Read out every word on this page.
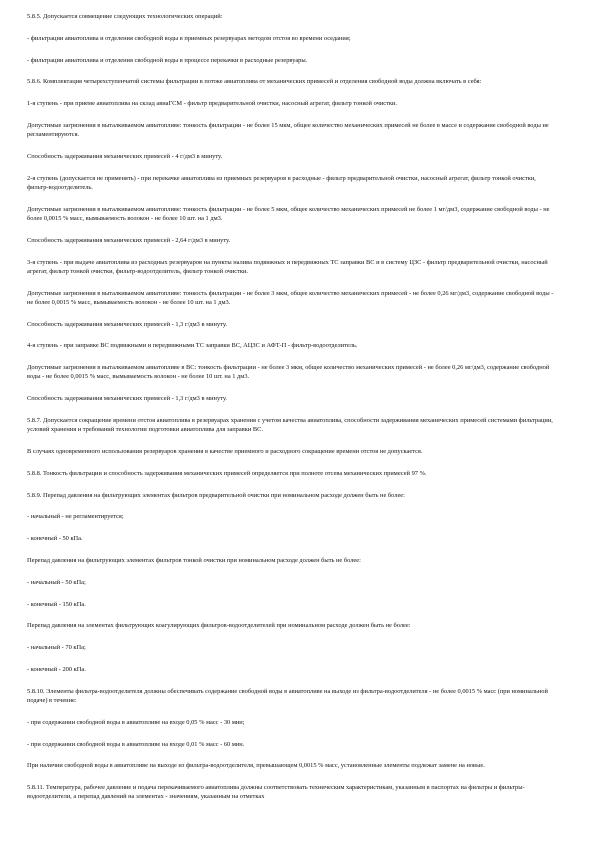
5.8.5. Допускается совмещение следующих технологических операций:

- фильтрации авиатоплива и отделения свободной воды в приемных резервуарах методом отстоя во времени оседания;

- фильтрации авиатоплива и отделения свободной воды в процессе перекачки в расходные резервуары.

5.8.6. Комплектация четырехступенчатой системы фильтрации в потоке авиатоплива от механических примесей и отделения свободной воды должна включать в себя:

1-я ступень - при приеме авиатоплива на склад авиаГСМ - фильтр предварительной очистки, насосный агрегат, фильтр тонкой очистки.

Допустимые загрязнения в выталкиваемом авиатопливе: тонкость фильтрации - не более 15 мкм, общее количество механических примесей не более в массе и содержание свободной воды не регламентируются.

Способность задерживания механических примесей - 4 г/дм3 в минуту.

2-я ступень (допускается не применять) - при перекачке авиатоплива из приемных резервуаров в расходные - фильтр предварительной очистки, насосный агрегат, фильтр тонкой очистки, фильтр-водоотделитель.

Допустимые загрязнения в выталкиваемом авиатопливе: тонкость фильтрации - не более 5 мкм, общее количество механических примесей не более 1 мг/дм3, содержание свободной воды - не более 0,0015 % масс, вымываемость волокон - не более 10 шт. на 1 дм3.

Способность задерживания механических примесей - 2,64 г/дм3 в минуту.

3-я ступень - при выдаче авиатоплива из расходных резервуаров на пункты налива подвижных и передвижных ТС заправки ВС и в систему ЦЗС - фильтр предварительной очистки, насосный агрегат, фильтр тонкой очистки, фильтр-водоотделитель, фильтр тонкой очистки.

Допустимые загрязнения в выталкиваемом авиатопливе: тонкость фильтрации - не более 3 мкм, общее количество механических примесей - не более 0,26 мг/дм3, содержание свободной воды - не более 0,0015 % масс, вымываемость волокон - не более 10 шт. на 1 дм3.

Способность задерживания механических примесей - 1,3 г/дм3 в минуту.

4-я ступень - при заправке ВС подвижными и передвижными ТС заправки ВС, АЦЗС и АФТ-П - фильтр-водоотделитель.

Допустимые загрязнения в выталкиваемом авиатопливе в ВС: тонкость фильтрации - не более 3 мкм, общее количество механических примесей - не более 0,26 мг/дм3, содержание свободной воды - не более 0,0015 % масс, вымываемость волокон - не более 10 шт. на 1 дм3.

Способность задерживания механических примесей - 1,3 г/дм3 в минуту.

5.8.7. Допускается сокращение времени отстоя авиатоплива в резервуарах хранения с учетом качества авиатоплива, способности задерживания механических примесей системами фильтрации, условий хранения и требований технологии подготовки авиатоплива для заправки ВС.

В случаях одновременного использования резервуаров хранения в качестве приемного и расходного сокращение времени отстоя не допускается.

5.8.8. Тонкость фильтрации и способность задерживания механических примесей определяется при полноте отсева механических примесей 97 %.

5.8.9. Перепад давления на фильтрующих элементах фильтров предварительной очистки при номинальном расходе должен быть не более:

- начальный - не регламентируется;

- конечный - 50 кПа.

Перепад давления на фильтрующих элементах фильтров тонкой очистки при номинальном расходе должен быть не более:

- начальный - 50 кПа;

- конечный - 150 кПа.

Перепад давления на элементах фильтрующих коагулирующих фильтров-водоотделителей при номинальном расходе должен быть не более:

- начальный - 70 кПа;

- конечный - 200 кПа.

5.8.10. Элементы фильтра-водоотделителя должны обеспечивать содержание свободной воды в авиатопливе на выходе из фильтра-водоотделителя - не более 0,0015 % масс (при номинальной подаче) в течение:

- при содержании свободной воды в авиатопливе на входе 0,05 % масс - 30 мин;

- при содержании свободной воды в авиатопливе на входе 0,01 % масс - 60 мин.

При наличии свободной воды в авиатопливе на выходе из фильтра-водоотделителя, превышающем 0,0015 % масс, установленные элементы подлежат замене на новые.

5.8.11. Температура, рабочее давление и подача перекачиваемого авиатоплива должны соответствовать техническим характеристикам, указанным в паспортах на фильтры и фильтры-водоотделители, а перепад давлений на элементах - значениям, указанным на отметках
